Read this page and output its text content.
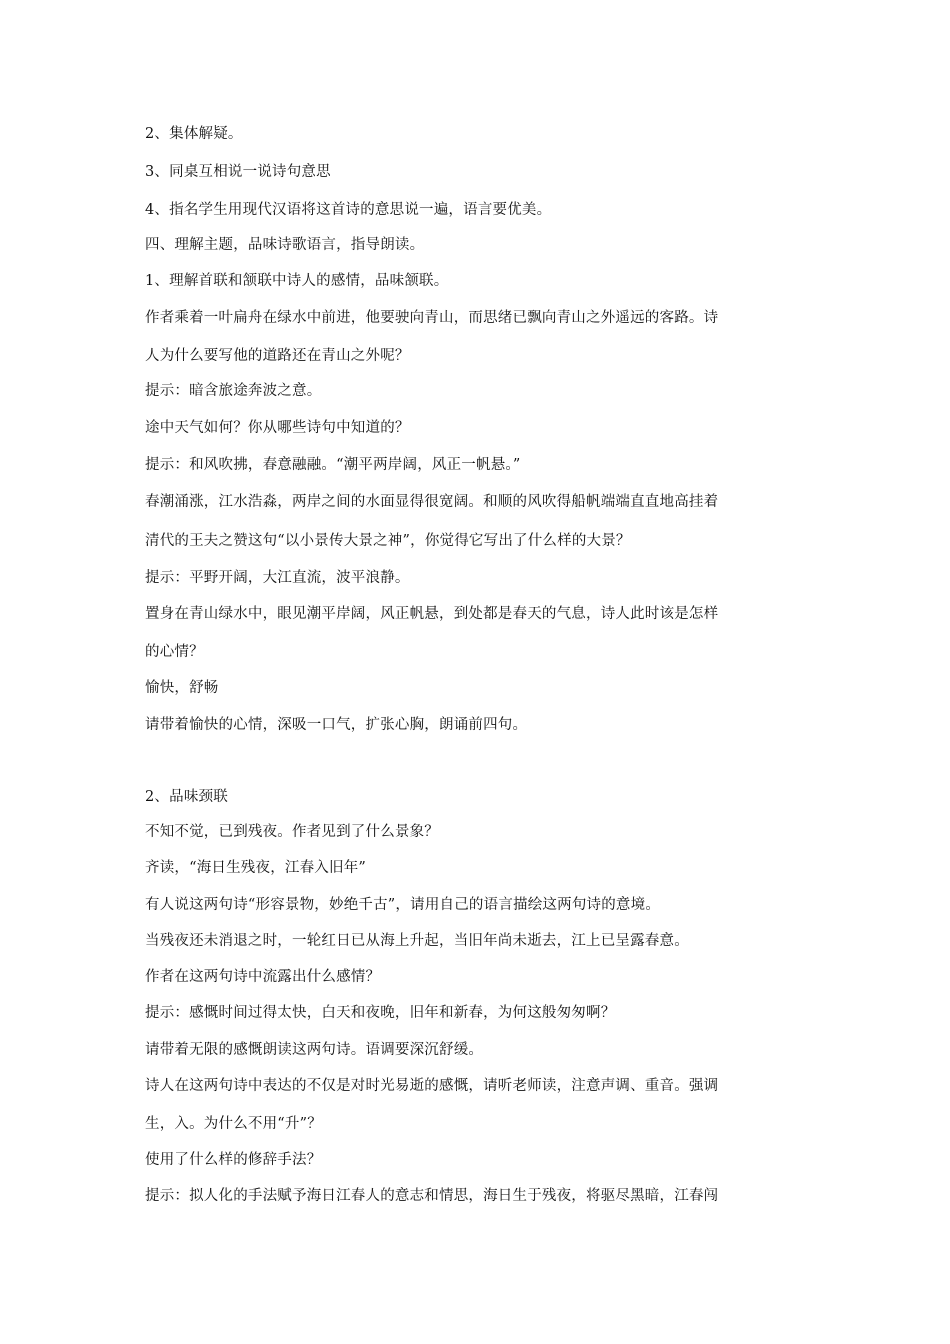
2、集体解疑。

3、同桌互相说一说诗句意思

4、指名学生用现代汉语将这首诗的意思说一遍，语言要优美。

四、理解主题，品味诗歌语言，指导朗读。

1、理解首联和颔联中诗人的感情，品味颔联。

作者乘着一叶扁舟在绿水中前进，他要驶向青山，而思绪已飘向青山之外遥远的客路。诗

人为什么要写他的道路还在青山之外呢？

提示：暗含旅途奔波之意。

途中天气如何？你从哪些诗句中知道的？

提示：和风吹拂，春意融融。“潮平两岸阔，风正一帆悬。”

春潮涌涨，江水浩淼，两岸之间的水面显得很宽阔。和顺的风吹得船帆端端直直地高挂着

清代的王夫之赞这句“以小景传大景之神”，你觉得它写出了什么样的大景？

提示：平野开阔，大江直流，波平浪静。

置身在青山绿水中，眼见潮平岸阔，风正帆悬，到处都是春天的气息，诗人此时该是怎样

的心情？

愉快，舒畅

请带着愉快的心情，深吸一口气，扩张心胸，朗诵前四句。

2、品味颈联

不知不觉，已到残夜。作者见到了什么景象？

齐读，“海日生残夜，江春入旧年”

有人说这两句诗“形容景物，妙绝千古”，请用自己的语言描绘这两句诗的意境。

当残夜还未消退之时，一轮红日已从海上升起，当旧年尚未逝去，江上已呈露春意。

作者在这两句诗中流露出什么感情？

提示：感慨时间过得太快，白天和夜晚，旧年和新春，为何这般匆匆啊？

请带着无限的感慨朗读这两句诗。语调要深沉舒缓。

诗人在这两句诗中表达的不仅是对时光易逝的感慨，请听老师读，注意声调、重音。强调

生，入。为什么不用“升”？

使用了什么样的修辞手法？

提示：拟人化的手法赋予海日江春人的意志和情思，海日生于残夜，将驱尽黑暗，江春闯
